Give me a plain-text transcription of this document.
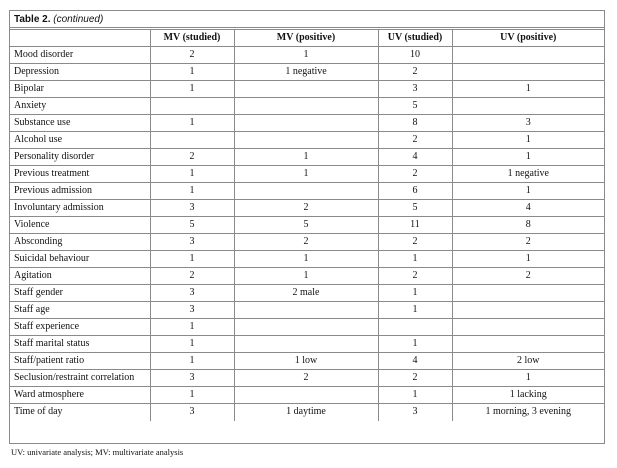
Table 2. (continued)
	MV (studied)	MV (positive)	UV (studied)	UV (positive)
Mood disorder	2	1	10	
Depression	1	1 negative	2	
Bipolar	1		3	1
Anxiety			5	
Substance use	1		8	3
Alcohol use			2	1
Personality disorder	2	1	4	1
Previous treatment	1	1	2	1 negative
Previous admission	1		6	1
Involuntary admission	3	2	5	4
Violence	5	5	11	8
Absconding	3	2	2	2
Suicidal behaviour	1	1	1	1
Agitation	2	1	2	2
Staff gender	3	2 male	1	
Staff age	3		1	
Staff experience	1			
Staff marital status	1		1	
Staff/patient ratio	1	1 low	4	2 low
Seclusion/restraint correlation	3	2	2	1
Ward atmosphere	1		1	1 lacking
Time of day	3	1 daytime	3	1 morning, 3 evening
UV: univariate analysis; MV: multivariate analysis
